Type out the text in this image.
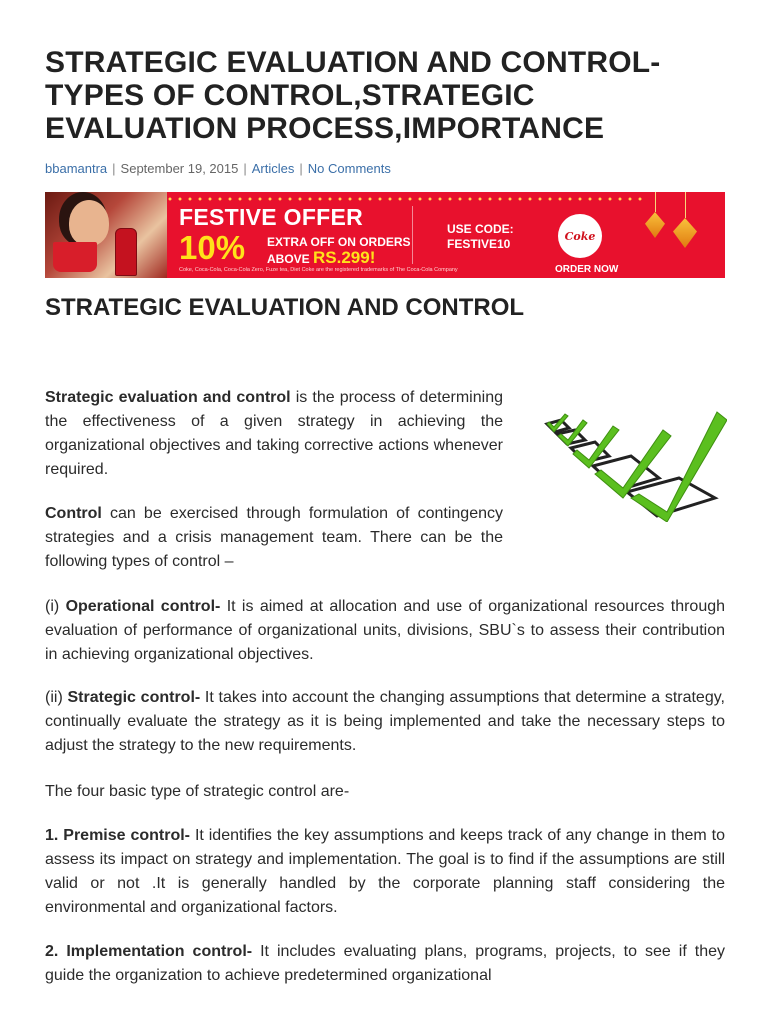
STRATEGIC EVALUATION AND CONTROL-
TYPES OF CONTROL,STRATEGIC
EVALUATION PROCESS,IMPORTANCE
bbamantra | September 19, 2015 | Articles | No Comments
FESTIVE OFFER
10% EXTRA OFF ON ORDERS
ABOVE RS.299!
Coke, Coca-Cola, Coca-Cola Zero, Fuze tea, Diet Coke are the registered trademarks of The Coca-Cola Company
USE CODE:
FESTIVE10
Coke
ORDER NOW
STRATEGIC EVALUATION AND CONTROL

Strategic evaluation and control is the process of determining the effectiveness of a given strategy in achieving the organizational objectives and taking corrective actions whenever required.

Control can be exercised through formulation of contingency strategies and a crisis management team. There can be the following types of control –

(i) Operational control- It is aimed at allocation and use of organizational resources through evaluation of performance of organizational units, divisions, SBU`s to assess their contribution in achieving organizational objectives.

(ii) Strategic control- It takes into account the changing assumptions that determine a strategy, continually evaluate the strategy as it is being implemented and take the necessary steps to adjust the strategy to the new requirements.

The four basic type of strategic control are-

1. Premise control- It identifies the key assumptions and keeps track of any change in them to assess its impact on strategy and implementation. The goal is to find if the assumptions are still valid or not .It is generally handled by the corporate planning staff considering the environmental and organizational factors.

2. Implementation control- It includes evaluating plans, programs, projects, to see if they guide the organization to achieve predetermined organizational
